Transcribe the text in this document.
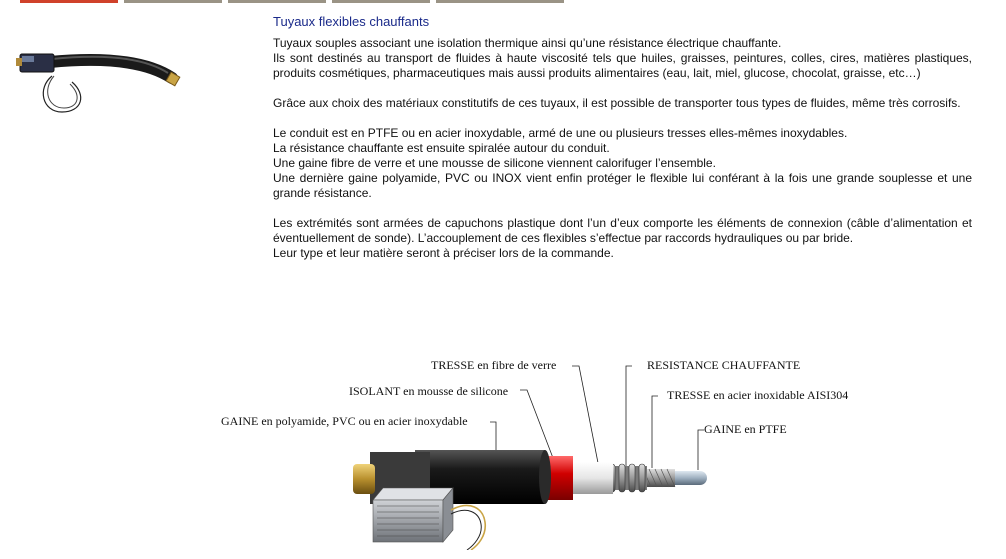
Tuyaux flexibles chauffants

Tuyaux souples associant une isolation thermique ainsi qu’une résistance électrique chauffante.

Ils sont destinés au transport de fluides à haute viscosité tels que huiles, graisses, peintures, colles, cires, matières plastiques, produits cosmétiques, pharmaceutiques mais aussi produits alimentaires (eau, lait, miel, glucose, chocolat, graisse, etc…)

Grâce aux choix des matériaux constitutifs de ces tuyaux, il est possible de transporter tous types de fluides, même très corrosifs.

Le conduit est en PTFE ou en acier inoxydable, armé de une ou plusieurs tresses elles-mêmes inoxydables.

La résistance chauffante est ensuite spiralée autour du conduit.

Une gaine fibre de verre et une mousse de silicone viennent calorifuger l’ensemble.

Une dernière gaine polyamide, PVC ou INOX vient enfin protéger le flexible lui conférant à la fois une grande souplesse et une grande résistance.

Les extrémités sont armées de capuchons plastique dont l’un d’eux comporte les éléments de connexion (câble d’alimentation et éventuellement de sonde). L’accouplement de ces flexibles s’effectue par raccords hydrauliques ou par bride.

Leur type et leur matière seront à préciser lors de la commande.

TRESSE en fibre de verre
ISOLANT en mousse de silicone
GAINE en polyamide, PVC ou en acier inoxydable
RESISTANCE CHAUFFANTE
TRESSE en acier inoxidable AISI304
GAINE en PTFE
